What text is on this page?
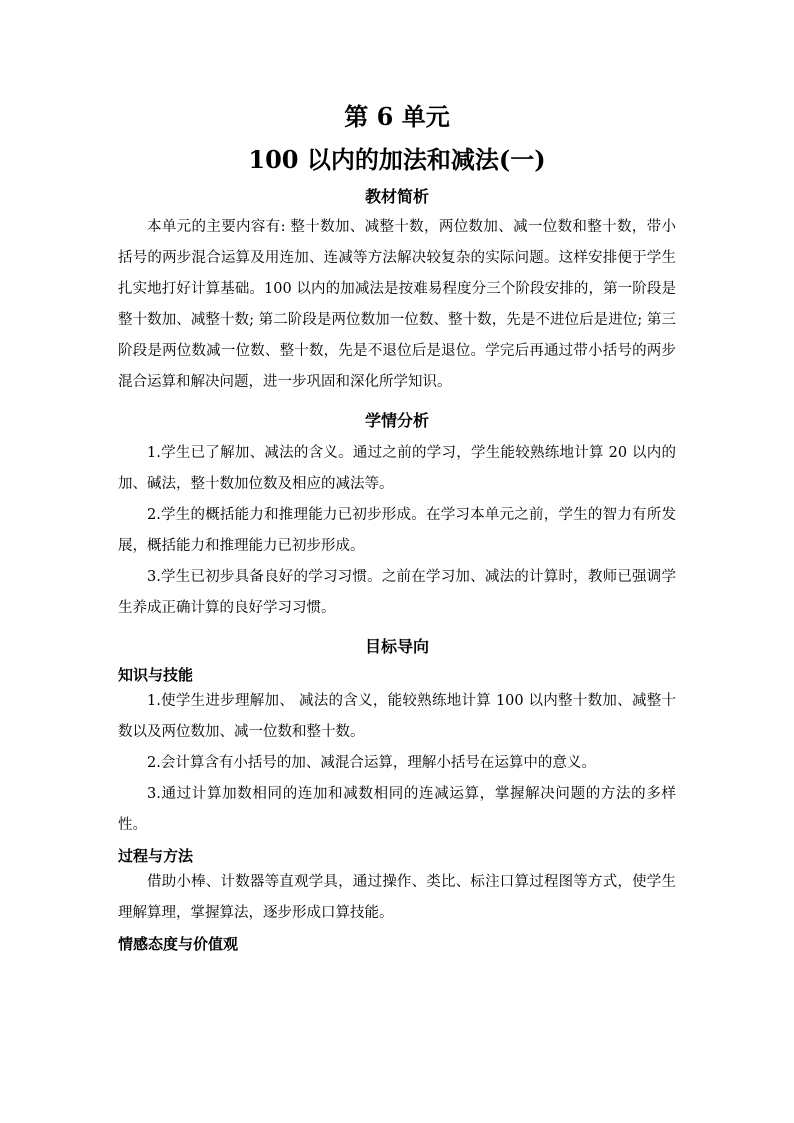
第 6 单元
100 以内的加法和减法(一)
教材简析

本单元的主要内容有: 整十数加、减整十数，两位数加、减一位数和整十数，带小括号的两步混合运算及用连加、连减等方法解决较复杂的实际问题。这样安排便于学生扎实地打好计算基础。100 以内的加减法是按难易程度分三个阶段安排的，第一阶段是整十数加、减整十数; 第二阶段是两位数加一位数、整十数，先是不进位后是进位; 第三阶段是两位数减一位数、整十数，先是不退位后是退位。学完后再通过带小括号的两步混合运算和解决问题，进一步巩固和深化所学知识。

学情分析

1.学生已了解加、减法的含义。通过之前的学习，学生能较熟练地计算 20 以内的加、碱法，整十数加位数及相应的减法等。

2.学生的概括能力和推理能力已初步形成。在学习本单元之前，学生的智力有所发展，概括能力和推理能力已初步形成。

3.学生已初步具备良好的学习习惯。之前在学习加、减法的计算时，教师已强调学生养成正确计算的良好学习习惯。

目标导向
知识与技能

1.使学生进步理解加、 减法的含义，能较熟练地计算 100 以内整十数加、减整十数以及两位数加、减一位数和整十数。

2.会计算含有小括号的加、减混合运算，理解小括号在运算中的意义。

3.通过计算加数相同的连加和减数相同的连减运算，掌握解决问题的方法的多样性。

过程与方法

借助小棒、计数器等直观学具，通过操作、类比、标注口算过程图等方式，使学生理解算理，掌握算法，逐步形成口算技能。

情感态度与价值观
